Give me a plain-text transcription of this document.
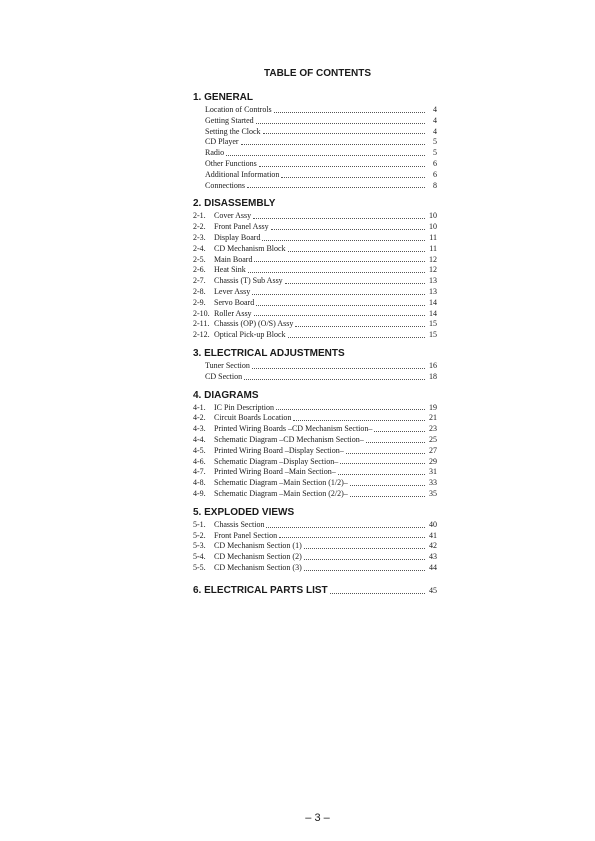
TABLE OF CONTENTS
1. GENERAL
Location of Controls	4
Getting Started	4
Setting the Clock	4
CD Player	5
Radio	5
Other Functions	6
Additional Information	6
Connections	8
2. DISASSEMBLY
2-1.	Cover Assy	10
2-2.	Front Panel Assy	10
2-3.	Display Board	11
2-4.	CD Mechanism Block	11
2-5.	Main Board	12
2-6.	Heat Sink	12
2-7.	Chassis (T) Sub Assy	13
2-8.	Lever Assy	13
2-9.	Servo Board	14
2-10. Roller Assy	14
2-11. Chassis (OP) (O/S) Assy	15
2-12. Optical Pick-up Block	15
3. ELECTRICAL ADJUSTMENTS
Tuner Section	16
CD Section	18
4. DIAGRAMS
4-1.	IC Pin Description	19
4-2.	Circuit Boards Location	21
4-3.	Printed Wiring Boards –CD Mechanism Section–	23
4-4.	Schematic Diagram –CD Mechanism Section–	25
4-5.	Printed Wiring Board –Display Section–	27
4-6.	Schematic Diagram –Display Section–	29
4-7.	Printed Wiring Board –Main Section–	31
4-8.	Schematic Diagram –Main Section (1/2)–	33
4-9.	Schematic Diagram –Main Section (2/2)–	35
5. EXPLODED VIEWS
5-1.	Chassis Section	40
5-2.	Front Panel Section	41
5-3.	CD Mechanism Section (1)	42
5-4.	CD Mechanism Section (2)	43
5-5.	CD Mechanism Section (3)	44
6. ELECTRICAL PARTS LIST	45
– 3 –
